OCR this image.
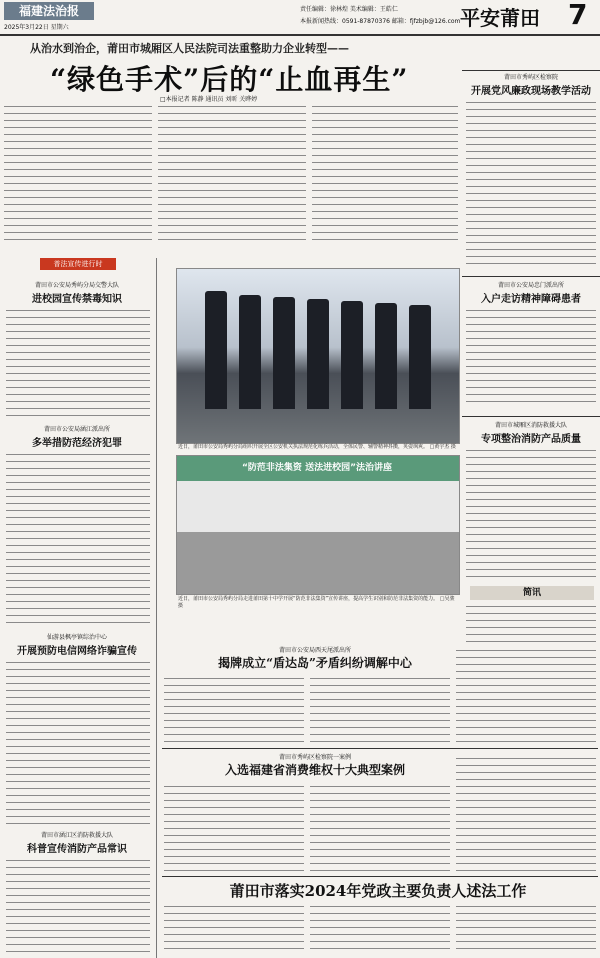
福建法治报
2025年3月22日 星期六
责任编辑：徐林煌 美术编辑：王皓仁
本报新闻热线：0591-87870376 邮箱：fjfzbjb@126.com 平安莆田 7
从治水到治企，莆田市城厢区人民法院司法重整助力企业转型——
“绿色手术”后的“止血再生”
□本报记者 陈静 通讯员 刘昕 关晔婷
莆田市秀屿区检察院
开展党风廉政现场教学活动
莆田市公安局忠门派出所
入户走访精神障碍患者
莆田市城厢区消防救援大队
专项整治消防产品质量
简讯
普法宣传进行时
莆田市公安局秀屿分局交警大队
进校园宣传禁毒知识
莆田市公安局涵江派出所
多举措防范经济犯罪
仙游县枫亭镇综治中心
开展预防电信网络诈骗宣传
莆田市涵江区消防救援大队
科普宣传消防产品常识
近日，莆田市公安局秀屿分局组织开展全区公安机关执法规范化练兵活动，全体民警、辅警精神抖擞，英姿飒爽。 □黄宇杰 摄
“防范非法集资 送法进校园”法治讲座
近日，莆田市公安局秀屿分局走进莆田第十中学开展“防范非法集资”宣传讲座，提高学生识别和防范非法集资的能力。 □吴骏 摄
莆田市公安局西天尾派出所
揭牌成立“盾达岛”矛盾纠纷调解中心
莆田市秀屿区检察院一案例
入选福建省消费维权十大典型案例
莆田市落实2024年党政主要负责人述法工作
